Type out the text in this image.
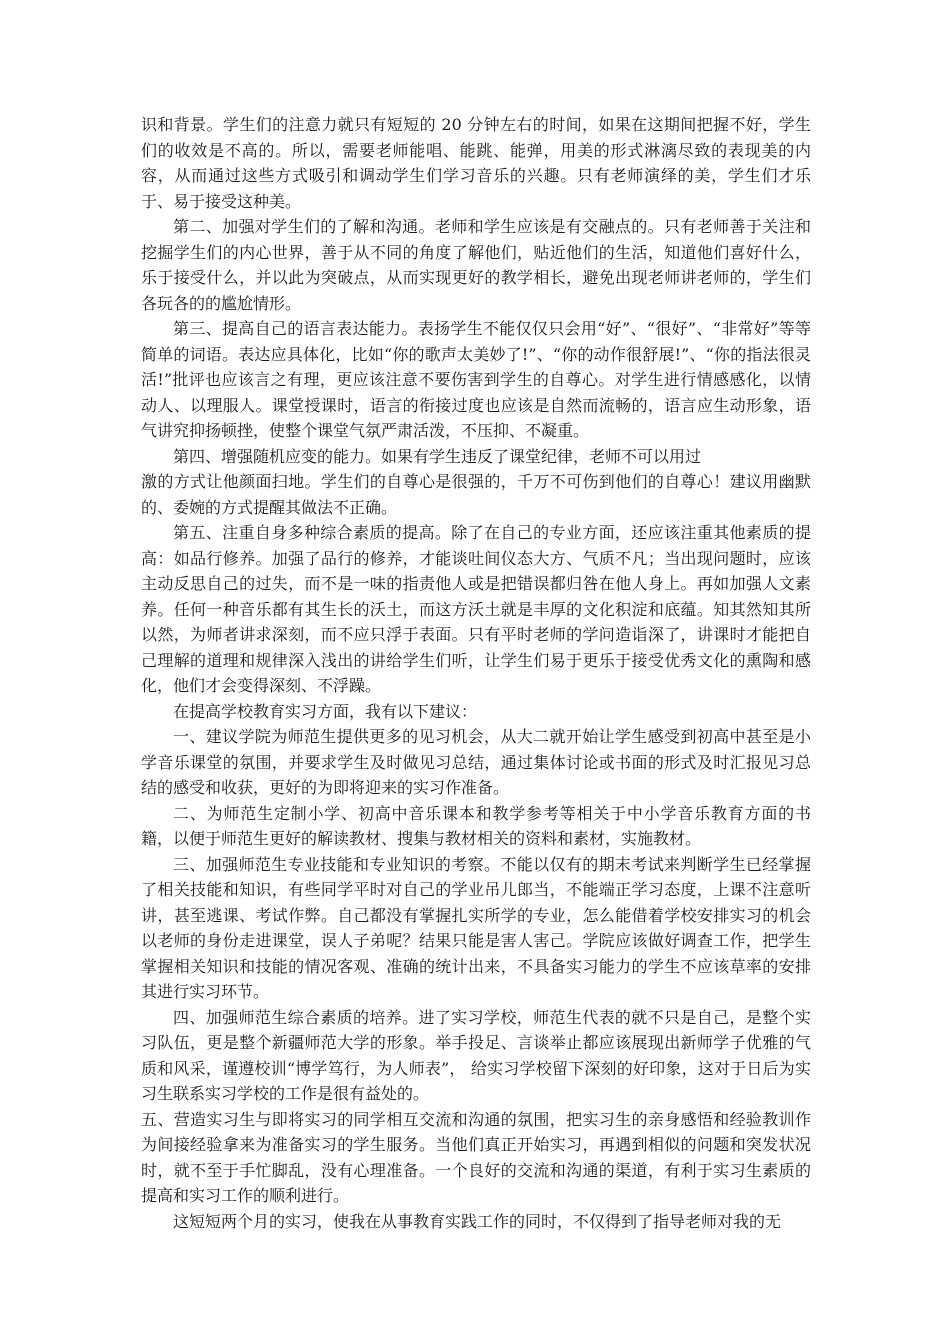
识和背景。学生们的注意力就只有短短的 20 分钟左右的时间，如果在这期间把握不好，学生们的收效是不高的。所以，需要老师能唱、能跳、能弹，用美的形式淋漓尽致的表现美的内容，从而通过这些方式吸引和调动学生们学习音乐的兴趣。只有老师演绎的美，学生们才乐于、易于接受这种美。

第二、加强对学生们的了解和沟通。老师和学生应该是有交融点的。只有老师善于关注和挖掘学生们的内心世界，善于从不同的角度了解他们，贴近他们的生活，知道他们喜好什么，乐于接受什么，并以此为突破点，从而实现更好的教学相长，避免出现老师讲老师的，学生们各玩各的的尴尬情形。

第三、提高自己的语言表达能力。表扬学生不能仅仅只会用“好”、“很好”、“非常好”等等简单的词语。表达应具体化，比如“你的歌声太美妙了!”、“你的动作很舒展!”、“你的指法很灵活!”批评也应该言之有理，更应该注意不要伤害到学生的自尊心。对学生进行情感感化，以情动人、以理服人。课堂授课时，语言的衔接过度也应该是自然而流畅的，语言应生动形象，语气讲究抑扬顿挫，使整个课堂气氛严肃活泼，不压抑、不凝重。

第四、增强随机应变的能力。如果有学生违反了课堂纪律，老师不可以用过

激的方式让他颜面扫地。学生们的自尊心是很强的，千万不可伤到他们的自尊心！建议用幽默的、委婉的方式提醒其做法不正确。

第五、注重自身多种综合素质的提高。除了在自己的专业方面，还应该注重其他素质的提高：如品行修养。加强了品行的修养，才能谈吐间仪态大方、气质不凡；当出现问题时，应该主动反思自己的过失，而不是一味的指责他人或是把错误都归咎在他人身上。再如加强人文素养。任何一种音乐都有其生长的沃土，而这方沃土就是丰厚的文化积淀和底蕴。知其然知其所以然，为师者讲求深刻，而不应只浮于表面。只有平时老师的学问造诣深了，讲课时才能把自己理解的道理和规律深入浅出的讲给学生们听，让学生们易于更乐于接受优秀文化的熏陶和感化，他们才会变得深刻、不浮躁。

在提高学校教育实习方面，我有以下建议：

一、建议学院为师范生提供更多的见习机会，从大二就开始让学生感受到初高中甚至是小学音乐课堂的氛围，并要求学生及时做见习总结，通过集体讨论或书面的形式及时汇报见习总结的感受和收获，更好的为即将迎来的实习作准备。

二、为师范生定制小学、初高中音乐课本和教学参考等相关于中小学音乐教育方面的书籍，以便于师范生更好的解读教材、搜集与教材相关的资料和素材，实施教材。

三、加强师范生专业技能和专业知识的考察。不能以仅有的期末考试来判断学生已经掌握了相关技能和知识，有些同学平时对自己的学业吊儿郎当，不能端正学习态度，上课不注意听讲，甚至逃课、考试作弊。自己都没有掌握扎实所学的专业，怎么能借着学校安排实习的机会以老师的身份走进课堂，误人子弟呢？结果只能是害人害己。学院应该做好调查工作，把学生掌握相关知识和技能的情况客观、准确的统计出来，不具备实习能力的学生不应该草率的安排其进行实习环节。

四、加强师范生综合素质的培养。进了实习学校，师范生代表的就不只是自己，是整个实习队伍，更是整个新疆师范大学的形象。举手投足、言谈举止都应该展现出新师学子优雅的气质和风采，谨遵校训“博学笃行，为人师表”， 给实习学校留下深刻的好印象，这对于日后为实习生联系实习学校的工作是很有益处的。

五、营造实习生与即将实习的同学相互交流和沟通的氛围，把实习生的亲身感悟和经验教训作为间接经验拿来为准备实习的学生服务。当他们真正开始实习，再遇到相似的问题和突发状况时，就不至于手忙脚乱，没有心理准备。一个良好的交流和沟通的渠道，有利于实习生素质的提高和实习工作的顺利进行。

这短短两个月的实习，使我在从事教育实践工作的同时，不仅得到了指导老师对我的无
